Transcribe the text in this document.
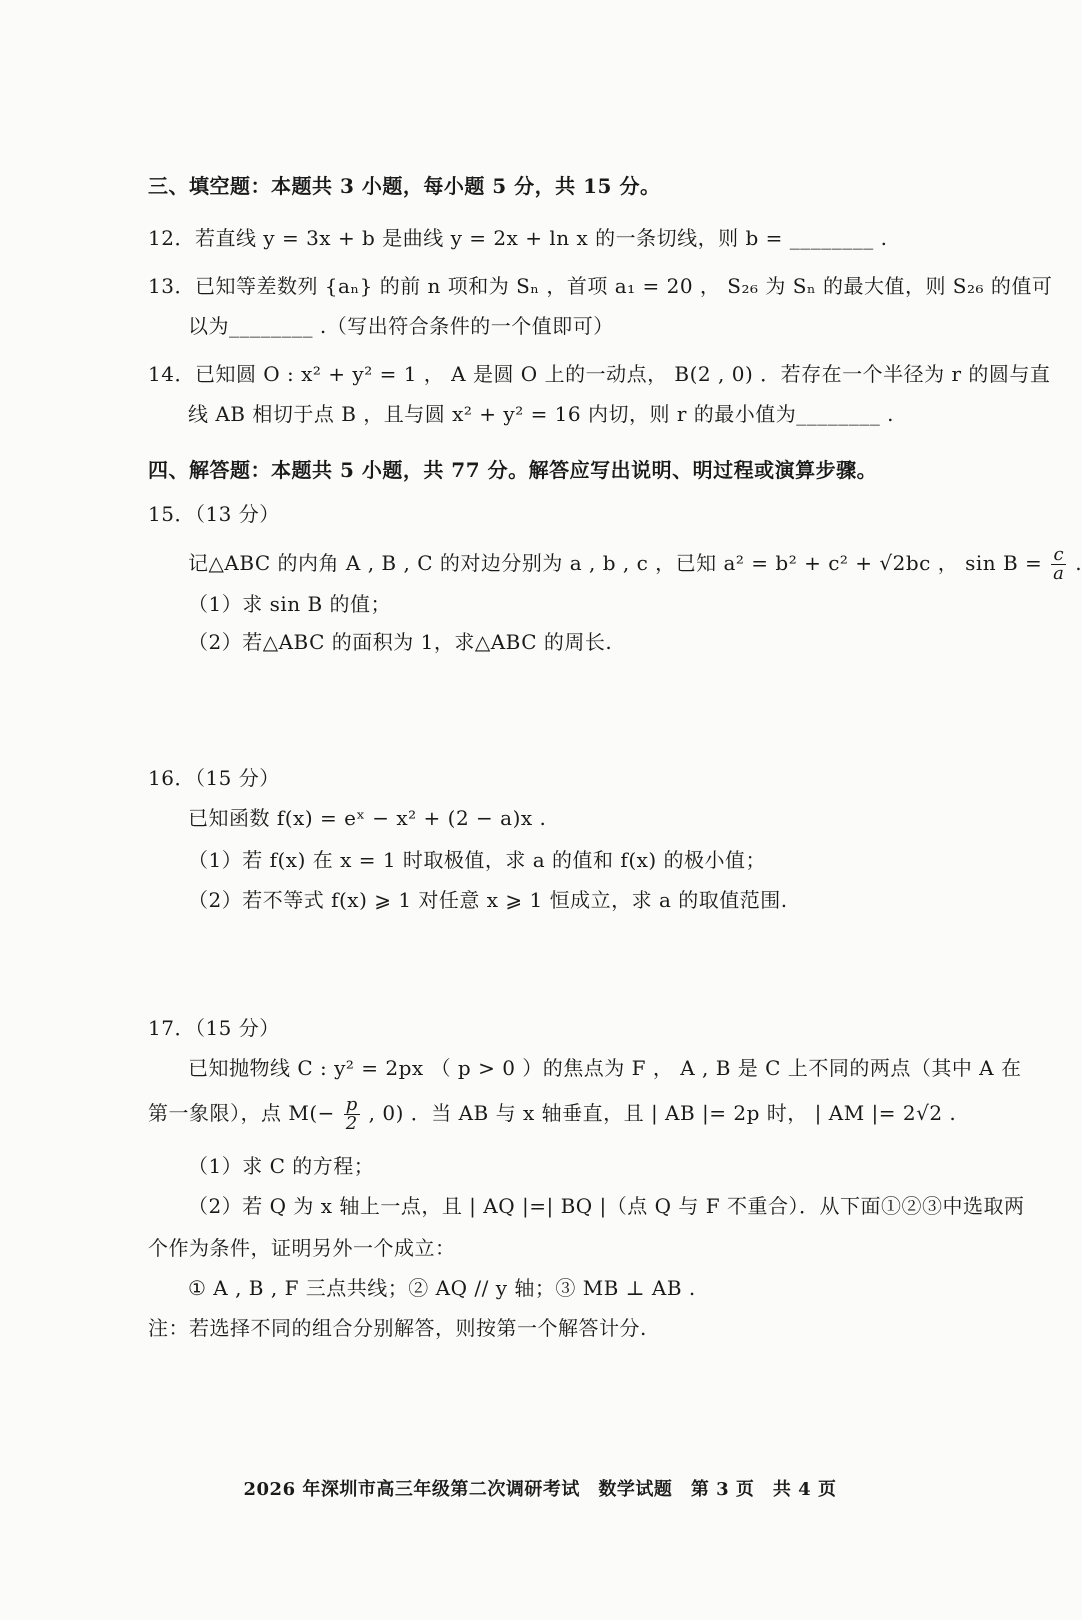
三、填空题：本题共 3 小题，每小题 5 分，共 15 分。
12．若直线 y = 3x + b 是曲线 y = 2x + ln x 的一条切线，则 b = ________ .
13．已知等差数列 {aₙ} 的前 n 项和为 Sₙ ，首项 a₁ = 20 ， S₂₆ 为 Sₙ 的最大值，则 S₂₆ 的值可
以为________ .（写出符合条件的一个值即可）
14．已知圆 O : x² + y² = 1 ， A 是圆 O 上的一动点， B(2 , 0) ．若存在一个半径为 r 的圆与直
线 AB 相切于点 B ，且与圆 x² + y² = 16 内切，则 r 的最小值为________ .
四、解答题：本题共 5 小题，共 77 分。解答应写出说明、明过程或演算步骤。
15．（13 分）
记△ABC 的内角 A , B , C 的对边分别为 a , b , c ，已知 a² = b² + c² + √2bc ， $\sin B = \frac{c}{a}$ .
（1）求 sin B 的值；
（2）若△ABC 的面积为 1，求△ABC 的周长.
16．（15 分）
已知函数 f(x) = eˣ − x² + (2 − a)x .
（1）若 f(x) 在 x = 1 时取极值，求 a 的值和 f(x) 的极小值；
（2）若不等式 f(x) ⩾ 1 对任意 x ⩾ 1 恒成立，求 a 的取值范围.
17．（15 分）
已知抛物线 C : y² = 2px （ p > 0 ）的焦点为 F ， A , B 是 C 上不同的两点（其中 A 在
第一象限），点 $M(- \frac{p}{2}$ , 0) ．当 AB 与 x 轴垂直，且 | AB |= 2p 时， | AM |= 2√2 .
（1）求 C 的方程；
（2）若 Q 为 x 轴上一点，且 | AQ |=| BQ |（点 Q 与 F 不重合）．从下面①②③中选取两
个作为条件，证明另外一个成立：
① A , B , F 三点共线；② AQ // y 轴；③ MB ⊥ AB .
注：若选择不同的组合分别解答，则按第一个解答计分.
2026 年深圳市高三年级第二次调研考试　数学试题　第 3 页　共 4 页
